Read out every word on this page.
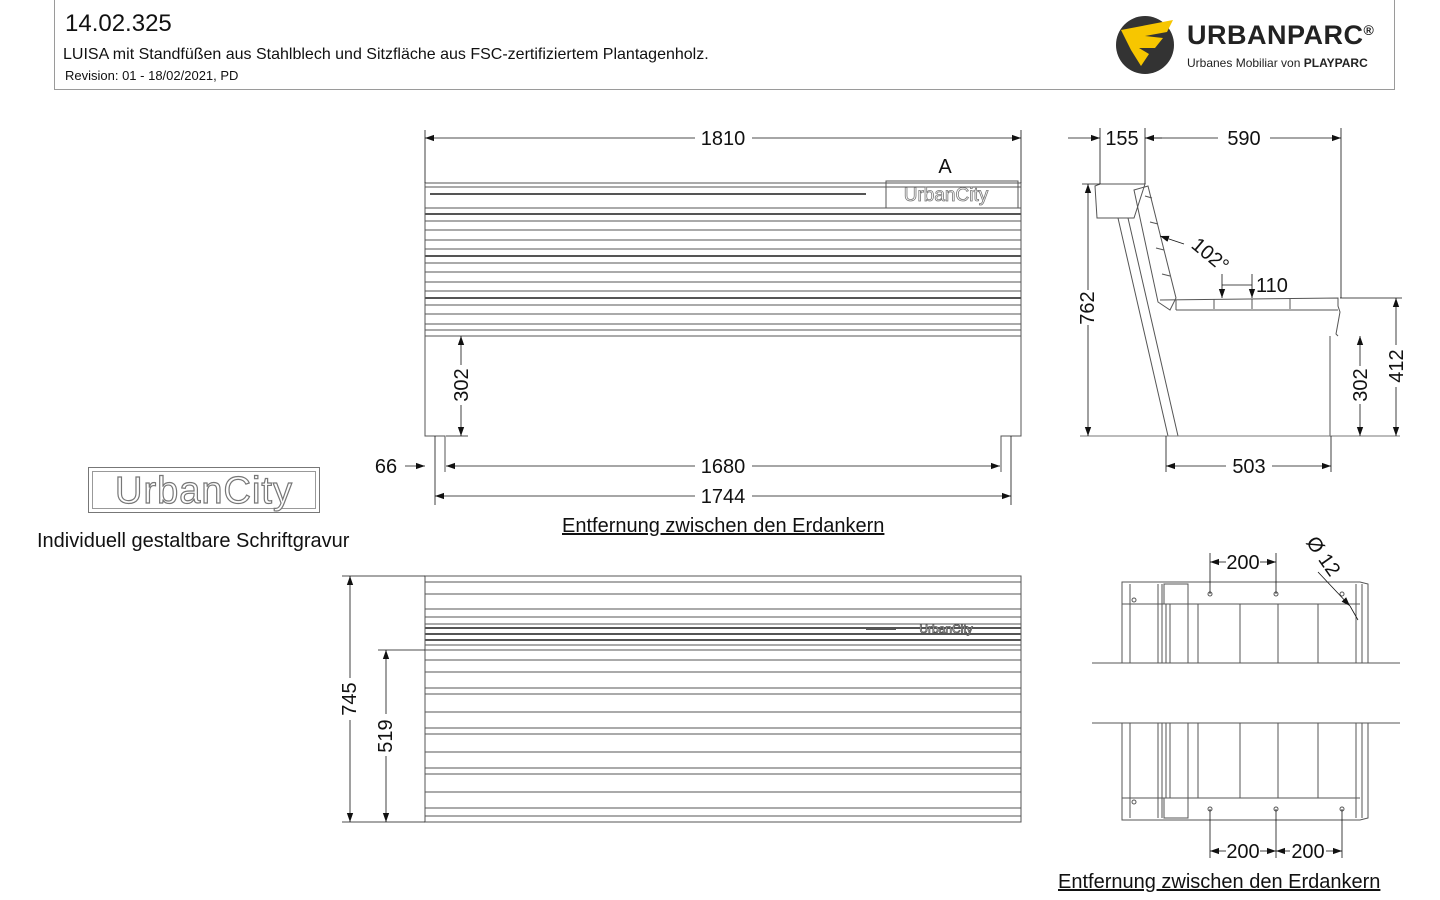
14.02.325
LUISA mit Standfüßen aus Stahlblech und Sitzfläche aus FSC-zertifiziertem Plantagenholz.
Revision: 01 - 18/02/2021, PD
URBANPARC®
Urbanes Mobiliar von PLAYPARC
UrbanCity
1810
A
302
66	1680
1744
155	590
762
102°
110
302
412
503
UrbanCity
745
519
200 Ø 12
200 200
UrbanCity
Individuell gestaltbare Schriftgravur
Entfernung zwischen den Erdankern
Entfernung zwischen den Erdankern
